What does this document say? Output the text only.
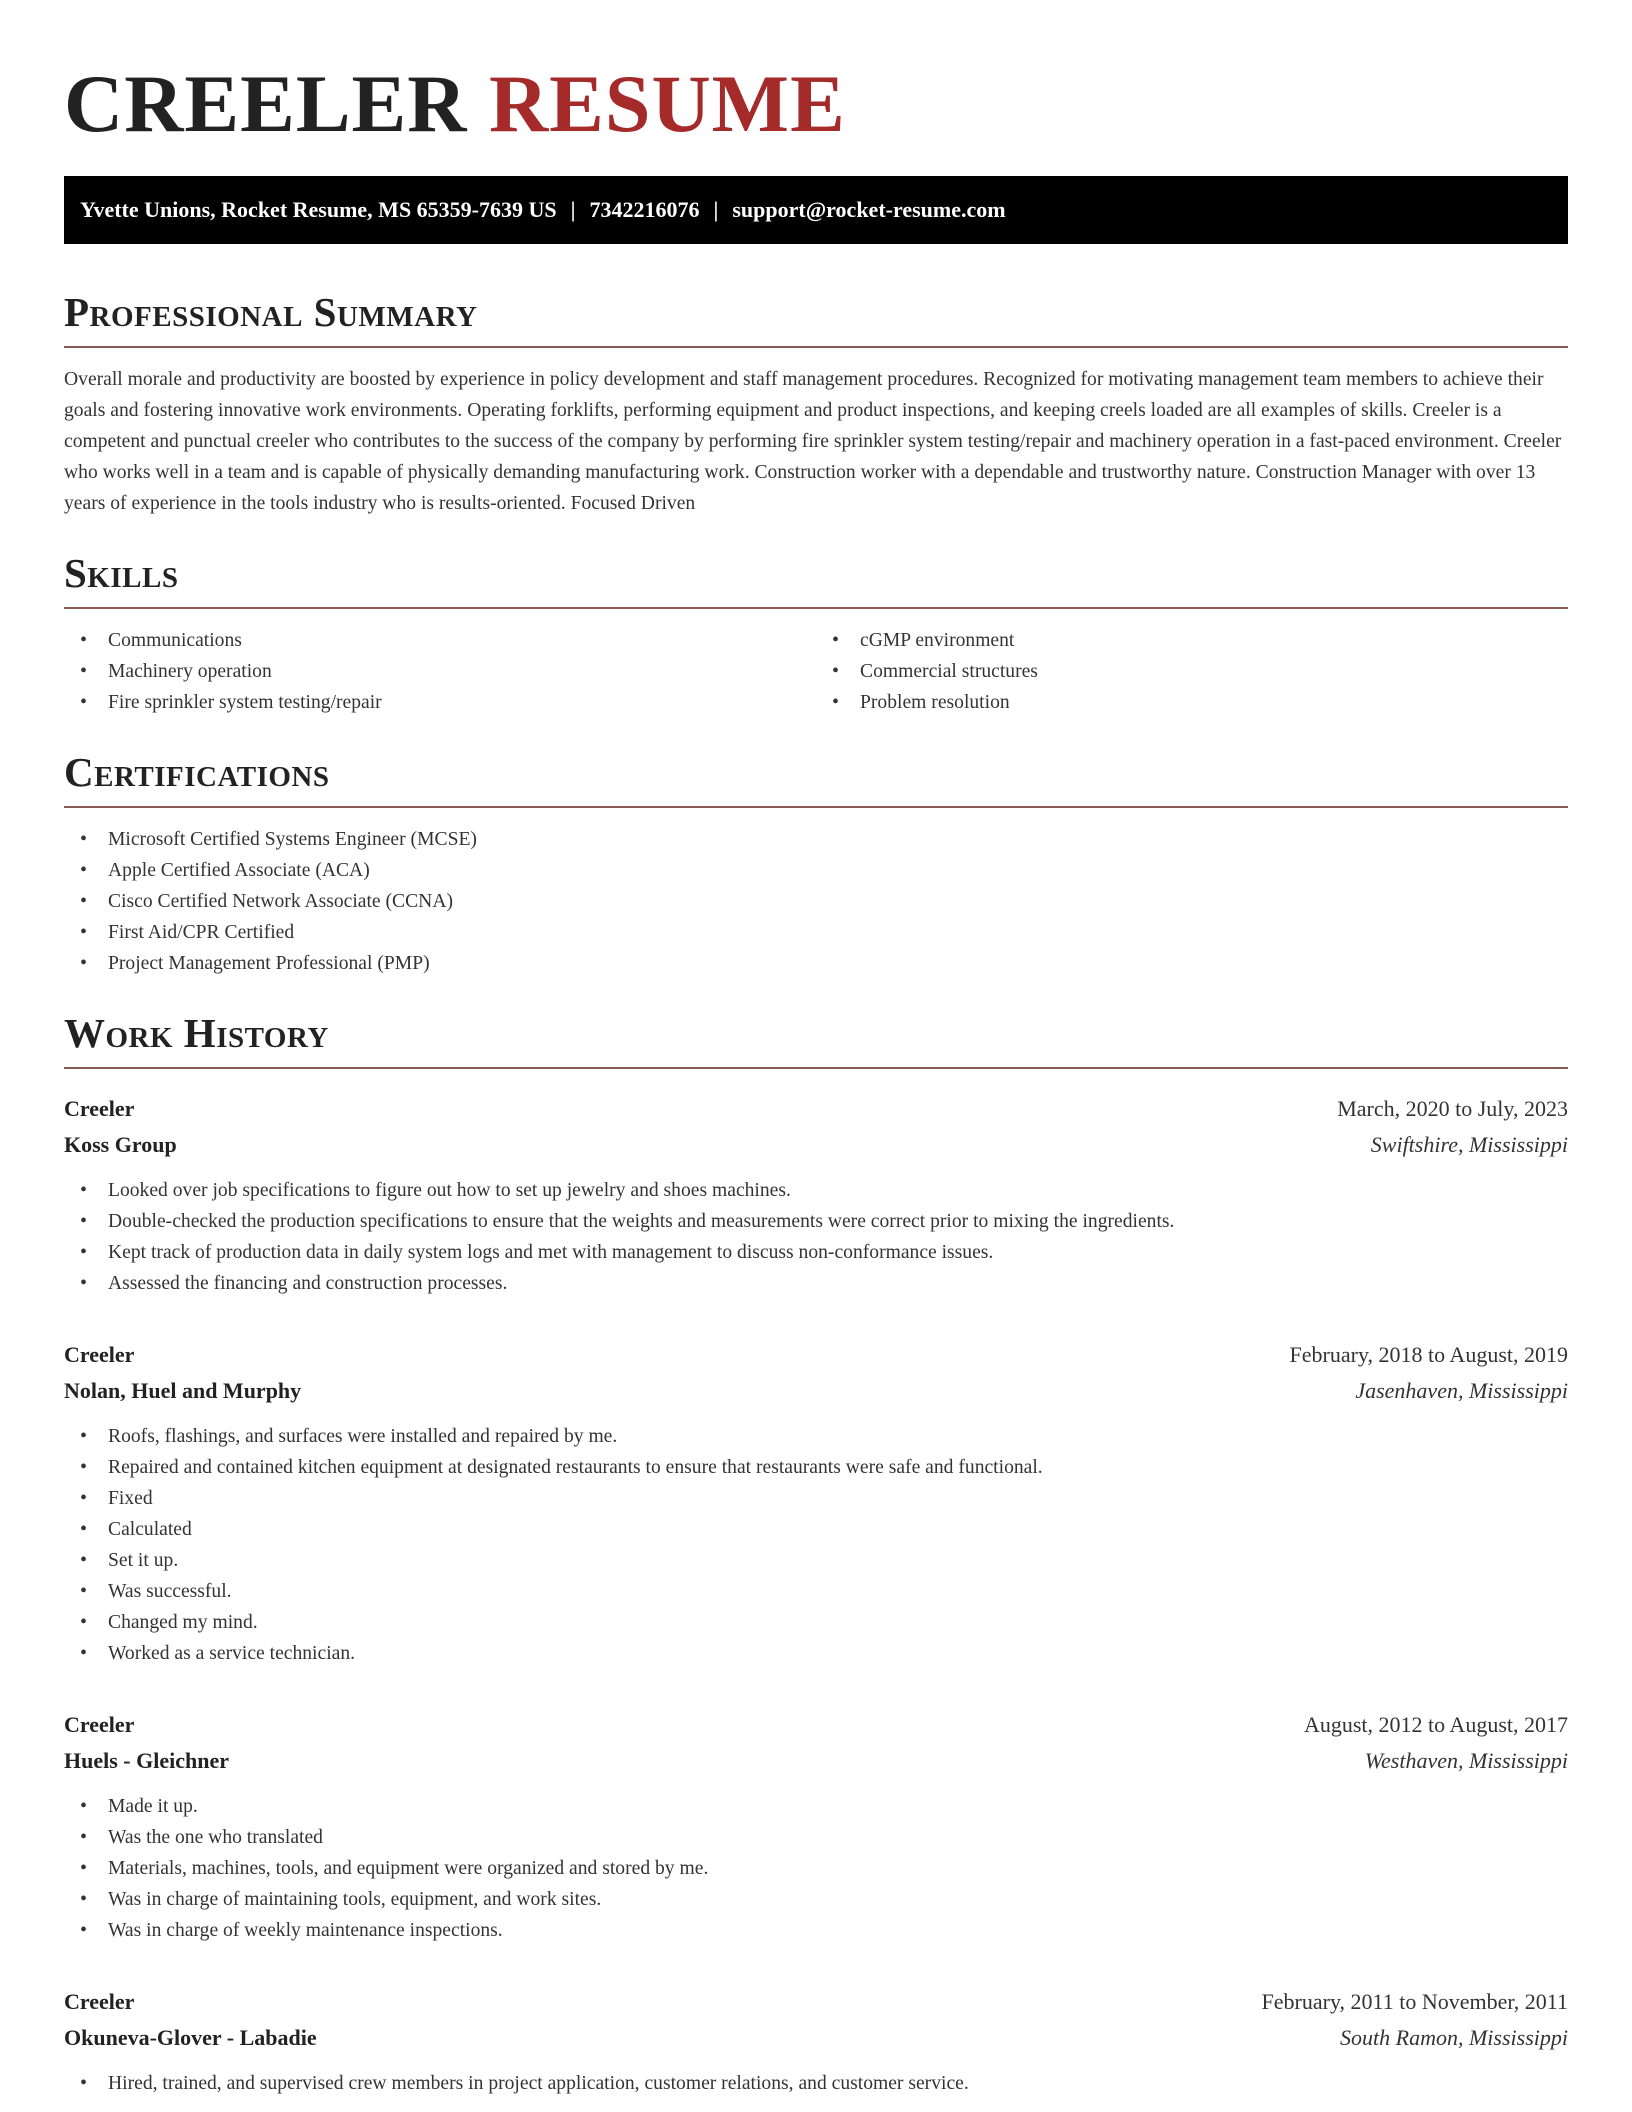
CREELER RESUME
Yvette Unions, Rocket Resume, MS 65359-7639 US | 7342216076 | support@rocket-resume.com
Professional Summary

Overall morale and productivity are boosted by experience in policy development and staff management procedures. Recognized for motivating management team members to achieve their goals and fostering innovative work environments. Operating forklifts, performing equipment and product inspections, and keeping creels loaded are all examples of skills. Creeler is a competent and punctual creeler who contributes to the success of the company by performing fire sprinkler system testing/repair and machinery operation in a fast-paced environment. Creeler who works well in a team and is capable of physically demanding manufacturing work. Construction worker with a dependable and trustworthy nature. Construction Manager with over 13 years of experience in the tools industry who is results-oriented. Focused Driven

Skills
• Communications
• Machinery operation
• Fire sprinkler system testing/repair
• cGMP environment
• Commercial structures
• Problem resolution
Certifications
• Microsoft Certified Systems Engineer (MCSE)
• Apple Certified Associate (ACA)
• Cisco Certified Network Associate (CCNA)
• First Aid/CPR Certified
• Project Management Professional (PMP)
Work History
Creeler	March, 2020 to July, 2023
Koss Group	Swiftshire, Mississippi
• Looked over job specifications to figure out how to set up jewelry and shoes machines.
• Double-checked the production specifications to ensure that the weights and measurements were correct prior to mixing the ingredients.
• Kept track of production data in daily system logs and met with management to discuss non-conformance issues.
• Assessed the financing and construction processes.
Creeler	February, 2018 to August, 2019
Nolan, Huel and Murphy	Jasenhaven, Mississippi
• Roofs, flashings, and surfaces were installed and repaired by me.
• Repaired and contained kitchen equipment at designated restaurants to ensure that restaurants were safe and functional.
• Fixed
• Calculated
• Set it up.
• Was successful.
• Changed my mind.
• Worked as a service technician.
Creeler	August, 2012 to August, 2017
Huels - Gleichner	Westhaven, Mississippi
• Made it up.
• Was the one who translated
• Materials, machines, tools, and equipment were organized and stored by me.
• Was in charge of maintaining tools, equipment, and work sites.
• Was in charge of weekly maintenance inspections.
Creeler	February, 2011 to November, 2011
Okuneva-Glover - Labadie	South Ramon, Mississippi
• Hired, trained, and supervised crew members in project application, customer relations, and customer service.
